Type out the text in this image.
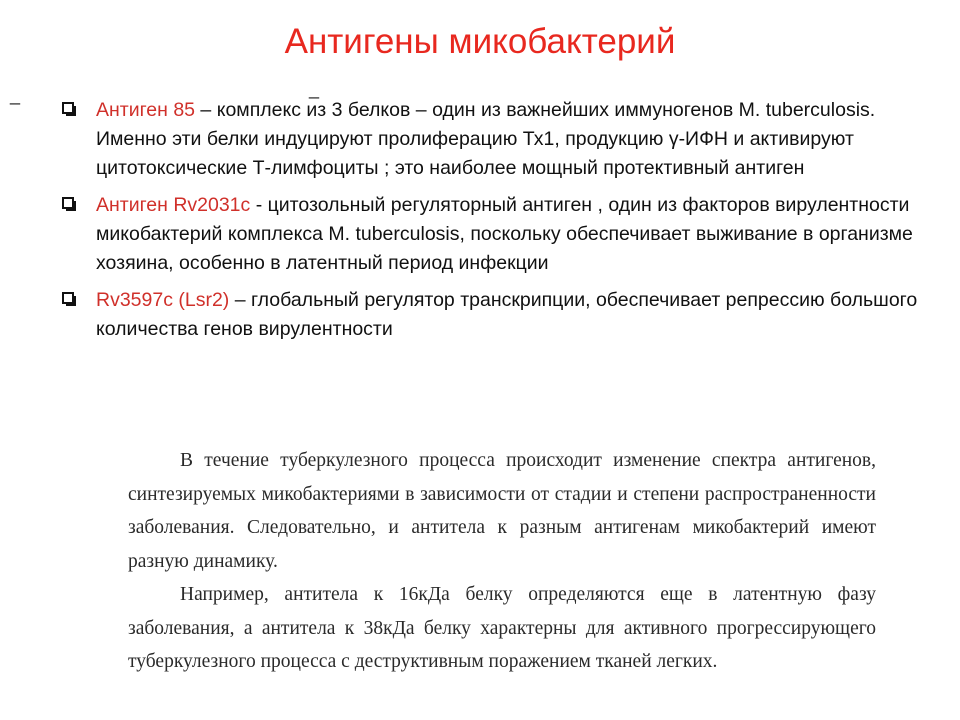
Антигены микобактерий
_	_
Антиген 85 – комплекс из 3 белков – один из важнейших иммуногенов M. tuberculosis. Именно эти белки индуцируют пролиферацию Тх1, продукцию γ-ИФН и активируют цитотоксические Т-лимфоциты ; это наиболее мощный протективный антиген
Антиген Rv2031c - цитозольный регуляторный антиген , один из факторов вирулентности микобактерий комплекса M. tuberculosis, поскольку обеспечивает выживание в организме хозяина, особенно в латентный период инфекции
Rv3597c (Lsr2) – глобальный регулятор транскрипции, обеспечивает репрессию большого количества генов вирулентности

В течение туберкулезного процесса происходит изменение спектра антигенов, синтезируемых микобактериями в зависимости от стадии и степени распространенности заболевания. Следовательно, и антитела к разным антигенам микобактерий имеют разную динамику.

Например, антитела к 16кДа белку определяются еще в латентную фазу заболевания, а антитела к 38кДа белку характерны для активного прогрессирующего туберкулезного процесса с деструктивным поражением тканей легких.
